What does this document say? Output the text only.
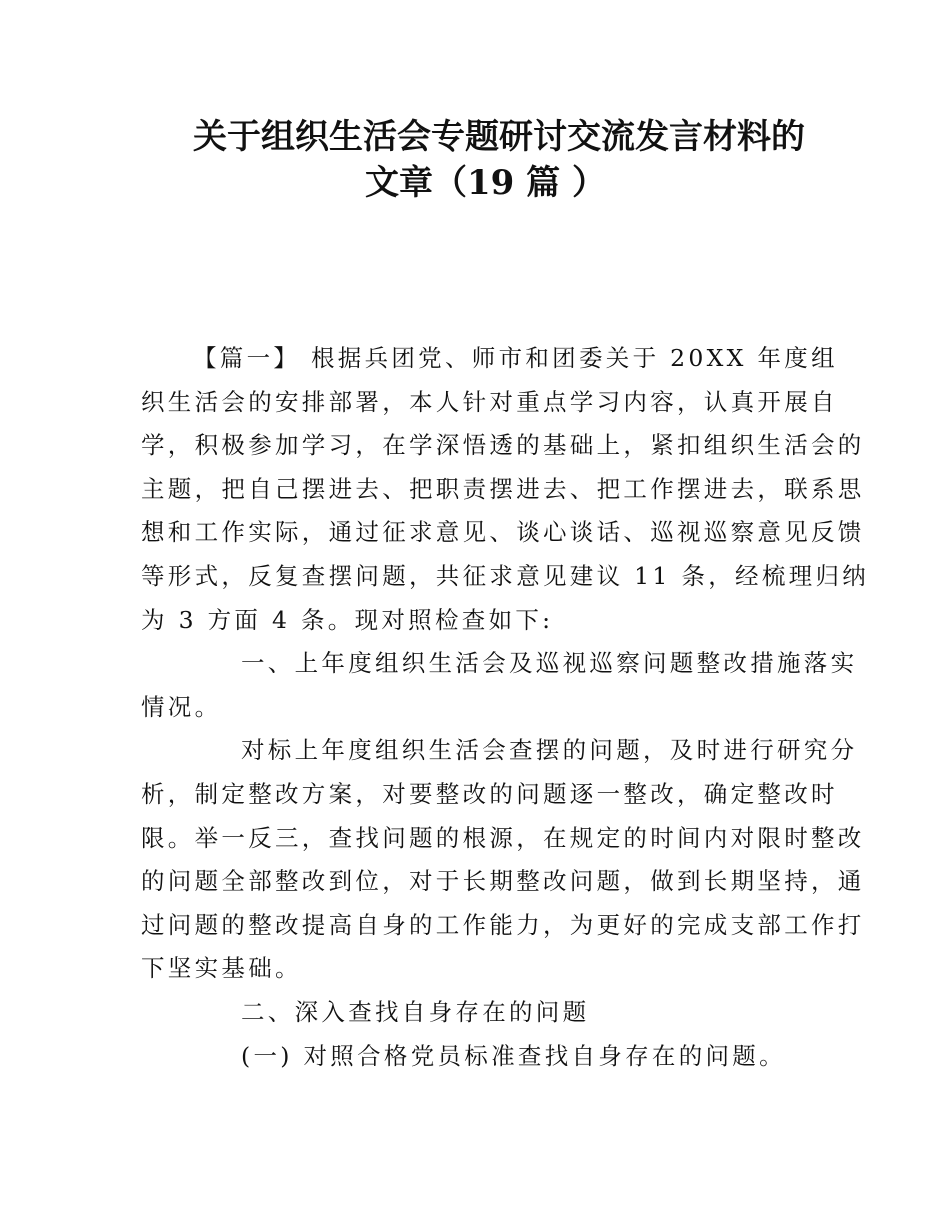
关于组织生活会专题研讨交流发言材料的
文章（19 篇 ）
【篇一】 根据兵团党、师市和团委关于 20XX 年度组
织生活会的安排部署，本人针对重点学习内容，认真开展自
学，积极参加学习，在学深悟透的基础上，紧扣组织生活会的
主题，把自己摆进去、把职责摆进去、把工作摆进去，联系思
想和工作实际，通过征求意见、谈心谈话、巡视巡察意见反馈
等形式，反复查摆问题，共征求意见建议 11 条，经梳理归纳
为 3 方面 4 条。现对照检查如下:
一、上年度组织生活会及巡视巡察问题整改措施落实
情况。
对标上年度组织生活会查摆的问题，及时进行研究分
析，制定整改方案，对要整改的问题逐一整改，确定整改时
限。举一反三，查找问题的根源，在规定的时间内对限时整改
的问题全部整改到位，对于长期整改问题，做到长期坚持，通
过问题的整改提高自身的工作能力，为更好的完成支部工作打
下坚实基础。
二、深入查找自身存在的问题
(一) 对照合格党员标准查找自身存在的问题。
